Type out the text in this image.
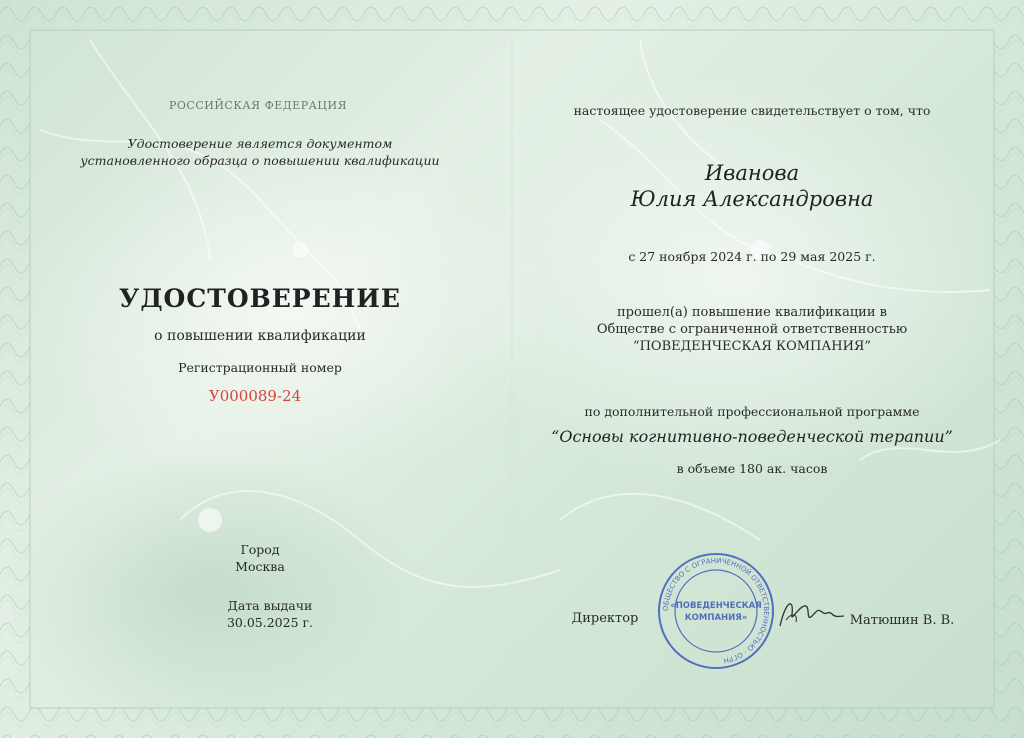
РОССИЙСКАЯ ФЕДЕРАЦИЯ
Удостоверение является документом
установленного образца о повышении квалификации
УДОСТОВЕРЕНИЕ
о повышении квалификации
Регистрационный номер
У000089-24
Город
Москва
Дата выдачи
30.05.2025 г.
настоящее удостоверение свидетельствует о том, что
Иванова
Юлия Александровна
с 27 ноября 2024 г. по 29 мая 2025 г.
прошел(а) повышение квалификации в
Обществе с ограниченной ответственностью
“ПОВЕДЕНЧЕСКАЯ КОМПАНИЯ”
по дополнительной профессиональной программе
“Основы когнитивно-поведенческой терапии”
в объеме 180 ак. часов
Директор	Матюшин В. В.
ОБЩЕСТВО С ОГРАНИЧЕННОЙ ОТВЕТСТВЕННОСТЬЮ · ОГРН
«ПОВЕДЕНЧЕСКАЯ
КОМПАНИЯ»
